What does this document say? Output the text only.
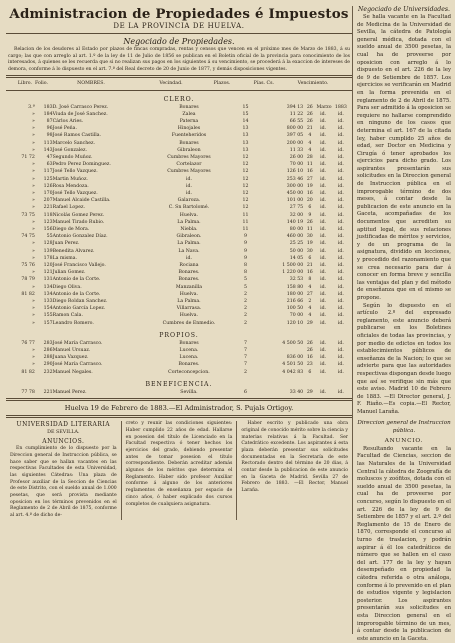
Administracion de Propiedades é Impuestos
DE LA PROVINCIA DE HUELVA.
Negociado de Propiedades.
Relacion de los deudores al Estado por plazos de fincas compradas, rentas y censos que vencen en el próximo mes de Marzo de 1883, á su cargo; las que con arreglo al art. 1.º de la ley de 11 de Julio de 1856 se publican en el Boletin oficial de la provincia para conocimiento de los interesados, á quienes se les recuerda que si no realizan sus pagos en los siguientes á su vencimiento, se procederá á la exaccion de intereses de demora, conforme á lo dispuesto en el art. 7.º del Real decreto de 20 de Junio de 1877, y demás disposiciones vigentes.
Libro.	Folio.	NOMBRES.	Vecindad.	Plazos.	Pías. Cs.	Vencimiento.
CLERO.
3.ª	183	D. José Carrasco Perez.	Bonares	15	394 13	26	Marzo	1883
»	184	Viuda de José Sanchez.	Zalea	15	11 22	26	id.	id.
»	87	Cárlos Aries.	Paterna	14	66 55	26	id.	id.
»	96	José Peña.	Hinojales	13	800 00	21	id.	id.
»	98	José Ramos Castilla.	Fuenteheridos	13	397 05	4	id.	id.
»	113	Marcelo Sanchez.	Bonares	13	200 00	4	id.	id.
»	143	José Gonzalez.	Gibraleon	13	11 33	4	id.	id.
71 72	47	Segundo Muñoz.	Cumbres Mayores	12	26 00	28	id.	id.
»	63	Pedro Perez Dominguez.	Cortelazor	12	70 00	11	id.	id.
»	117	José Tello Vazquez.	Cumbres Mayores	12	126 10	16	id.	id.
»	125	Martin Muñoz.	id.	12	253 46	27	id.	id.
»	126	Rosa Mendoza.	id.	12	300 00	19	id.	id.
»	170	José Tello Vazquez.	id.	12	450 00	16	id.	id.
»	207	Manuel Alcaide Castilla.	Galaroza.	12	101 00	20	id.	id.
»	221	Rafael Lopez.	C. Sn Bartolomé.	12	27 75	6	id.	id.
73 75	118	Nicolás Gomez Perez.	Huelva.	11	32 00	9	id.	id.
»	123	Manuel Tirado Rubio.	La Palma.	11	140 19	26	id.	id.
»	156	Diego de Mora.	Niebla.	11	80 00	11	id.	id.
74 75	55	Antonio Gonzalez Díaz.	Gibraleon.	9	460 00	30	id.	id.
»	128	Juan Perez.	La Palma.	9	25 25	19	id.	id.
»	139	Benedita Alvarez.	La Nava.	9	50 00	30	id.	id.
»	178	La misma.	id.	9	14 05	6	id.	id.
75 76	120	José Francisco Vallejo.	Rociana	8	1 500 00	21	id.	id.
»	121	Julian Gomez.	Bonares.	8	1 220 00	16	id.	id.
78 79	131	Antonio de la Corte.	Bonares.	5	32 53	8	id.	id.
»	134	Diego Oliva.	Manzanilla	5	158 80	4	id.	id.
81 82	134	Antonio de la Corte.	Huelva.	2	180 00	27	id.	id.
»	133	Diego Roldan Sanchez.	La Palma.	2	216 66	2	id.	id.
»	154	Antonio García Lopez.	Villarrasa.	2	100 50	4	id.	id.
»	155	Ramon Cala.	Huelva.	2	70 00	4	id.	id.
»	157	Leandro Romero.	Cumbres de Enmedio.	2	120 10	29	id.	id.
PROPIOS.
76 77	283	José María Carrasco.	Bonares	7	4 500 50	26	id.	id.
»	286	Manuel Ursuaz.	Lucena.	7		26	id.	id.
»	288	Juana Vazquez.	Lucena.	7	836 00	16	id.	id.
»	290	José María Carrasco.	Bonares.	7	4 501 50	23	id.	id.
81 82	232	Manuel Negales.	Corteconcepcion.	2	4 042 83	6	id.	id.
BENEFICENCIA.
77 78	221	Manuel Perez.	Sevilla.	6	33 40	29	id.	id.
Huelva 19 de Febrero de 1883.—El Administrador, S. Pujals Ortigoy.
UNIVERSIDAD LITERARIA
DE SEVILLA.
ANUNCIOS.

En cumplimiento de lo dispuesto por la Direccion general de Instruccion pública, se hace saber que se hallan vacantes en las respectivas Facultades de esta Universidad, las siguientes Cátedras: Una plaza de Profesor auxiliar de la Seccion de Ciencias de este Distrito, con el sueldo anual de 1.000 pesetas, que será provista mediante oposicion en los términos prevenidos en el Reglamento de 2 de Abril de 1875, conforme al art. 4.º de dicho de-

creto y reunir las condiciones siguientes: Haber cumplido 22 años de edad. Hallarse en posesion del título de Licenciado en la Facultad respectiva ó tener hechos los ejercicios del grado, debiendo presentar antes de tomar posesion el título correspondiente. Deberán acreditar además algunos de los méritos que determina el Reglamento. Haber sido profesor Auxiliar conforme á alguno de los anteriores reglamentos de enseñanza por espacio de cinco años, ó haber explicado dos cursos completos de cualquiera asignatura.

Haber escrito y publicado una obra original de conocido mérito sobre la ciencia y materias relativas á la Facultad. Ser Catedrático excedente. Los aspirantes á esta plaza deberán presentar sus solicitudes documentadas en la Secretaría de este Rectorado dentro del término de 20 dias, á contar desde la publicacion de este anuncio en la Gaceta de Madrid. Sevilla 27 de Febrero de 1883. —El Rector, Manuel Laraña.

Negociado de Universidades.

Se halla vacante en la Facultad de Medicina de la Universidad de Sevilla, la cátedra de Patología general médica, dotada con el sueldo anual de 3500 pesetas, la cual ha de proveerse por oposicion con arreglo á lo dispuesto en el art. 226 de la ley de 9 de Setiembre de 1857. Los ejercicios se verificarán en Madrid en la forma prevenida en el reglamento de 2 de Abril de 1875. Para ser admitido á la oposicion se requiere no hallarse comprendido en ninguno de los casos que determina el art. 167 de la citada ley, haber cumplido 25 años de edad, ser Doctor en Medicina y Cirugía ó tener aprobados los ejercicios para dicho grado. Los aspirantes presentarán sus solicitudes en la Direccion general de Instruccion pública en el improrogable término de dos meses, á contar desde la publicacion de este anuncio en la Gaceta, acompañadas de los documentos que acrediten su aptitud legal, de sus relaciones justificadas de méritos y servicios, y de un programa de la asignatura, dividido en lecciones, y precedido del razonamiento que se crea necesario para dar á conocer en forma breve y sencilla las ventajas del plan y del método de enseñanza que en el mismo se propone.

Según lo dispuesto en el artículo 2.º del expresado reglamento, este anuncio deberá publicarse en los Boletines oficiales de todas las provincias, y por medio de edictos en todos los establecimientos públicos de enseñanza de la Nacion; lo que se advierte para que las autoridades respectivas dispongan desde luego que así se verifique sin más que este aviso. Madrid 10 de Febrero de 1883. —El Director general, J. F. Riaño.—Es copia.—El Rector, Manuel Laraña.

Direccion general de Instruccion pública.
ANUNCIO.

Resultando vacante en la Facultad de Ciencias, seccion de las Naturales de la Universidad Central la cátedra de Zoografía de moluscos y zoófitos, dotada con el sueldo anual de 3500 pesetas, la cual ha de proveerse por concurso, según lo dispuesto en el art. 226 de la ley de 9 de Setiembre de 1857 y el art. 2.º del Reglamento de 15 de Enero de 1870, corresponde el concurso al turno de traslacion, y podrán aspirar á él los catedráticos de número que se hallen en el caso del art. 177 de la ley y hayan desempeñado en propiedad la cátedra referida o otra análoga, conforme á lo prevenido en el plan de estudios vigente y legislacion posterior. Los aspirantes presentarán sus solicitudes en esta Direccion general en el improrogable término de un mes, á contar desde la publicacion de este anuncio en la Gaceta.
